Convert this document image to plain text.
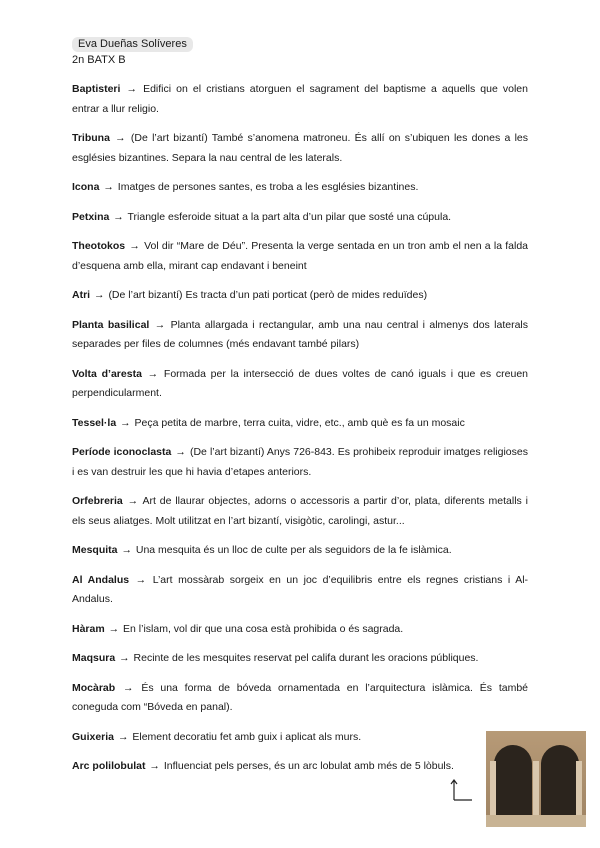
Eva Dueñas Solíveres
2n BATX B

Baptisteri → Edifici on el cristians atorguen el sagrament del baptisme a aquells que volen entrar a llur religio.

Tribuna → (De l’art bizantí) També s’anomena matroneu. És allí on s’ubiquen les dones a les esglésies bizantines. Separa la nau central de les laterals.

Icona → Imatges de persones santes, es troba a les esglésies bizantines.

Petxina → Triangle esferoide situat a la part alta d’un pilar que sosté una cúpula.

Theotokos → Vol dir “Mare de Déu”. Presenta la verge sentada en un tron amb el nen a la falda d’esquena amb ella, mirant cap endavant i beneint

Atri → (De l’art bizantí) Es tracta d’un pati porticat (però de mides reduïdes)

Planta basilical → Planta allargada i rectangular, amb una nau central i almenys dos laterals separades per files de columnes (més endavant també pilars)

Volta d’aresta → Formada per la intersecció de dues voltes de canó iguals i que es creuen perpendicularment.

Tessel·la → Peça petita de marbre, terra cuita, vidre, etc., amb què es fa un mosaic

Període iconoclasta → (De l’art bizantí) Anys 726-843. Es prohibeix reproduir imatges religioses i es van destruir les que hi havia d’etapes anteriors.

Orfebreria → Art de llaurar objectes, adorns o accessoris a partir d’or, plata, diferents metalls i els seus aliatges. Molt utilitzat en l’art bizantí, visigòtic, carolingi, astur...

Mesquita → Una mesquita és un lloc de culte per als seguidors de la fe islàmica.

Al Andalus → L’art mossàrab sorgeix en un joc d’equilibris entre els regnes cristians i Al-Andalus.

Hàram → En l’islam, vol dir que una cosa està prohibida o és sagrada.

Maqsura → Recinte de les mesquites reservat pel califa durant les oracions públiques.

Mocàrab → És una forma de bóveda ornamentada en l’arquitectura islàmica. És també coneguda com “Bóveda en panal).

Guixeria → Element decoratiu fet amb guix i aplicat als murs.

Arc polilobulat → Influenciat pels perses, és un arc lobulat amb més de 5 lòbuls.
